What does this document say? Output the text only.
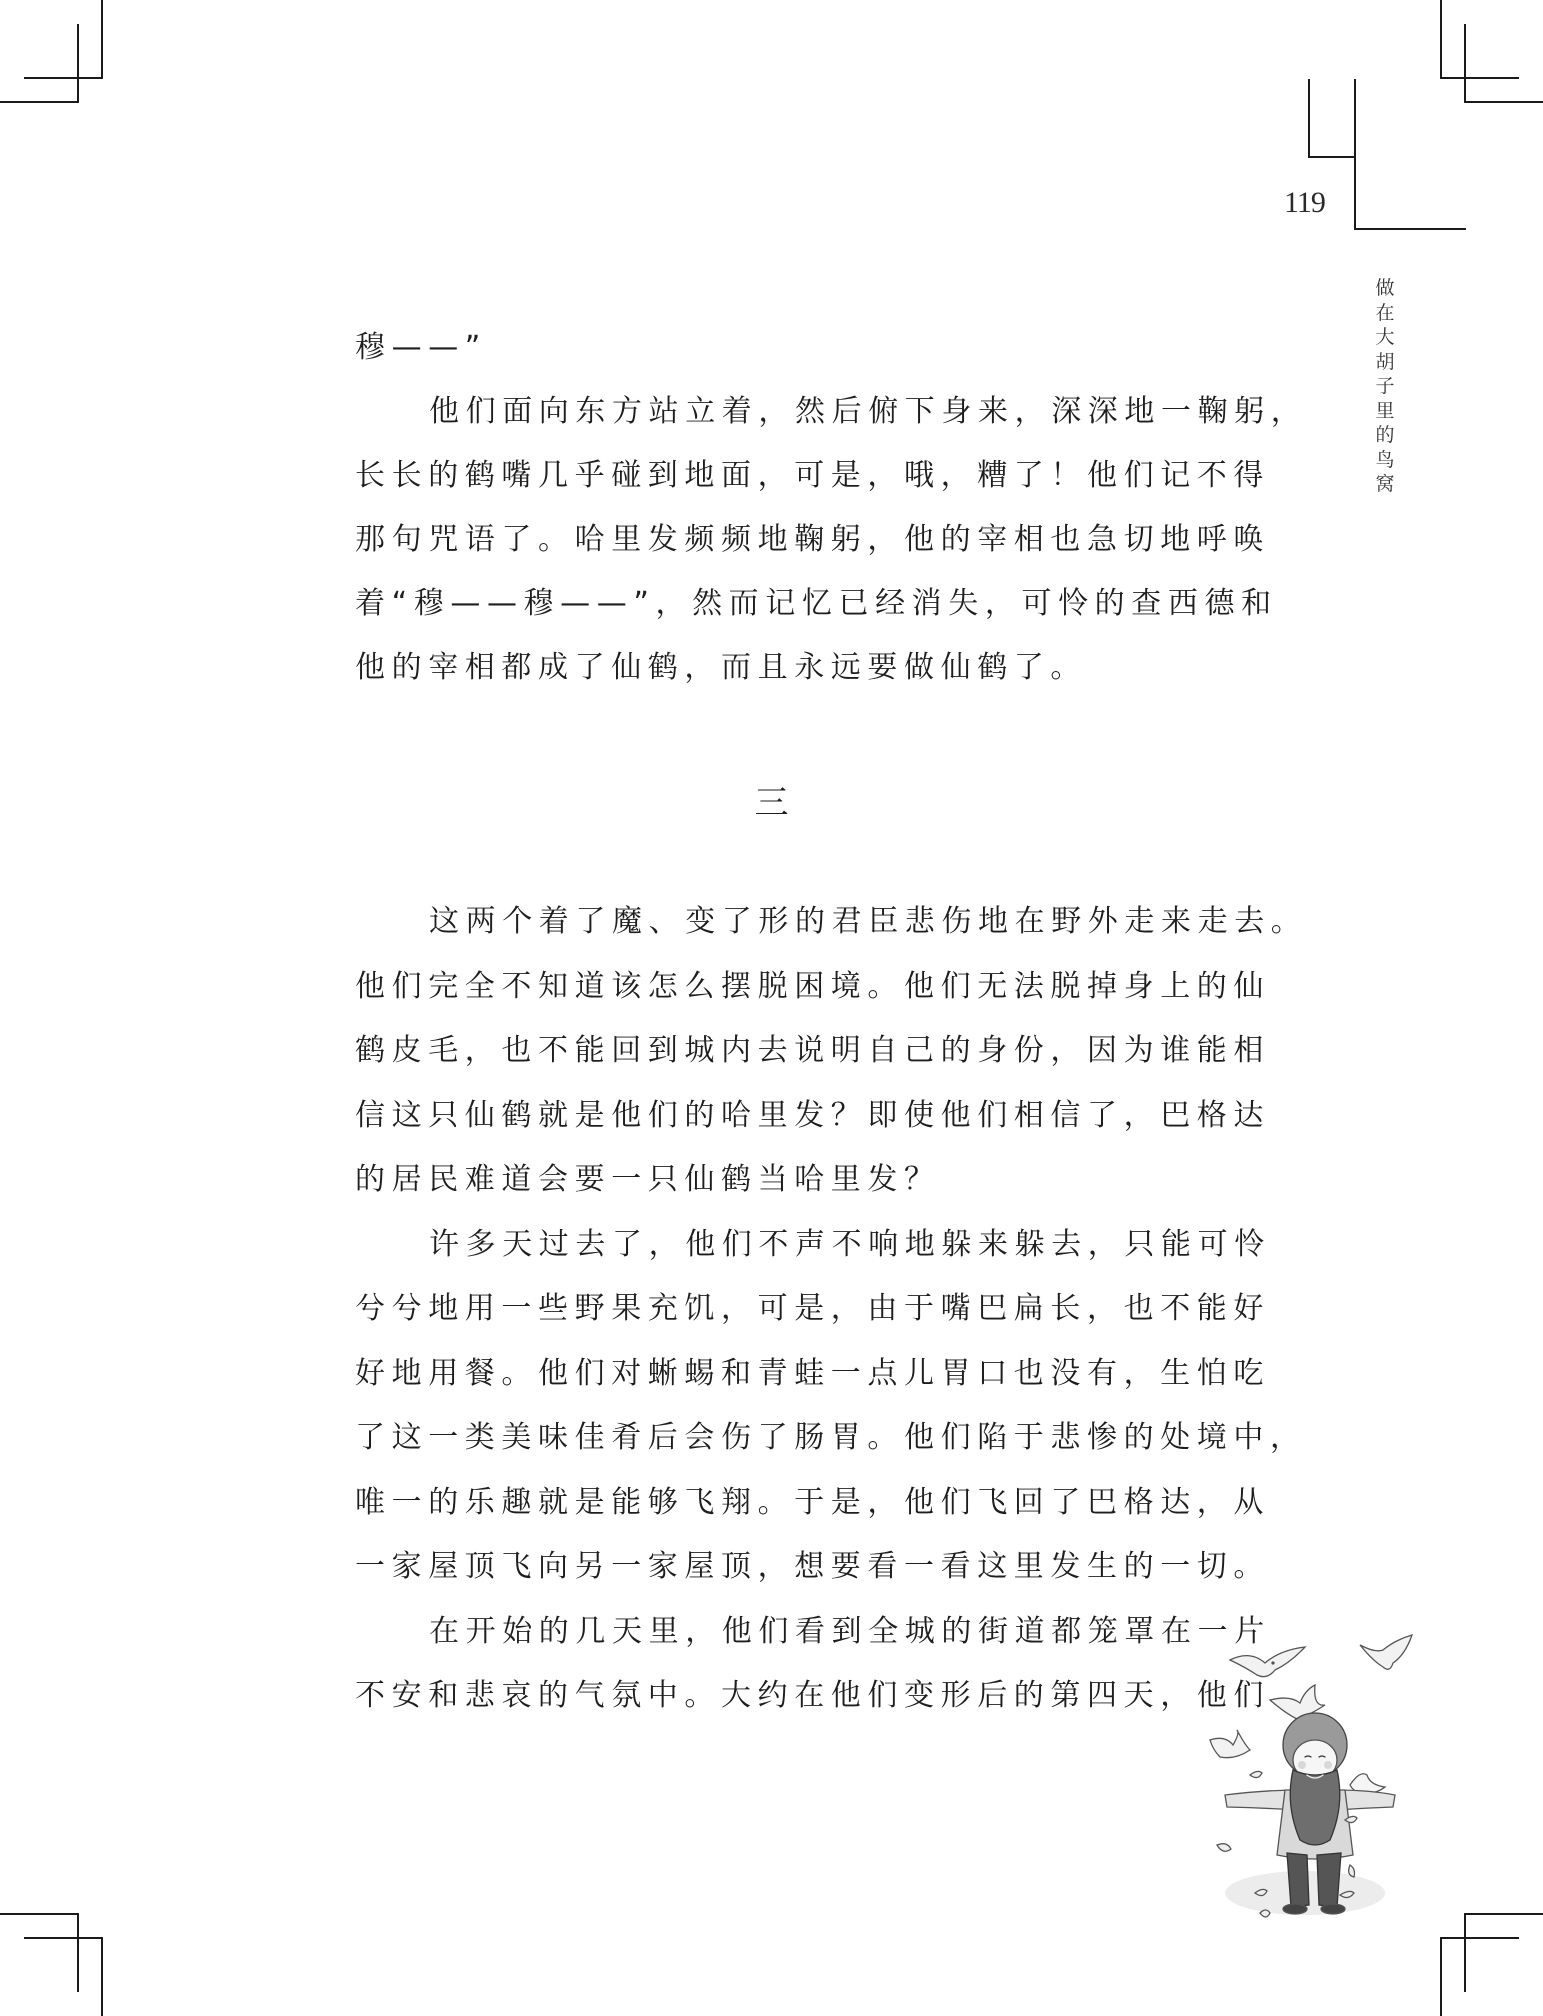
119
做
在
大
胡
子
里
的
鸟
窝
穆——”
他们面向东方站立着，然后俯下身来，深深地一鞠躬，
长长的鹤嘴几乎碰到地面，可是，哦，糟了！他们记不得
那句咒语了。哈里发频频地鞠躬，他的宰相也急切地呼唤
着“穆——穆——”，然而记忆已经消失，可怜的查西德和
他的宰相都成了仙鹤，而且永远要做仙鹤了。
这两个着了魔、变了形的君臣悲伤地在野外走来走去。
他们完全不知道该怎么摆脱困境。他们无法脱掉身上的仙
鹤皮毛，也不能回到城内去说明自己的身份，因为谁能相
信这只仙鹤就是他们的哈里发？即使他们相信了，巴格达
的居民难道会要一只仙鹤当哈里发？
许多天过去了，他们不声不响地躲来躲去，只能可怜
兮兮地用一些野果充饥，可是，由于嘴巴扁长，也不能好
好地用餐。他们对蜥蜴和青蛙一点儿胃口也没有，生怕吃
了这一类美味佳肴后会伤了肠胃。他们陷于悲惨的处境中，
唯一的乐趣就是能够飞翔。于是，他们飞回了巴格达，从
一家屋顶飞向另一家屋顶，想要看一看这里发生的一切。
在开始的几天里，他们看到全城的街道都笼罩在一片
不安和悲哀的气氛中。大约在他们变形后的第四天，他们
三
